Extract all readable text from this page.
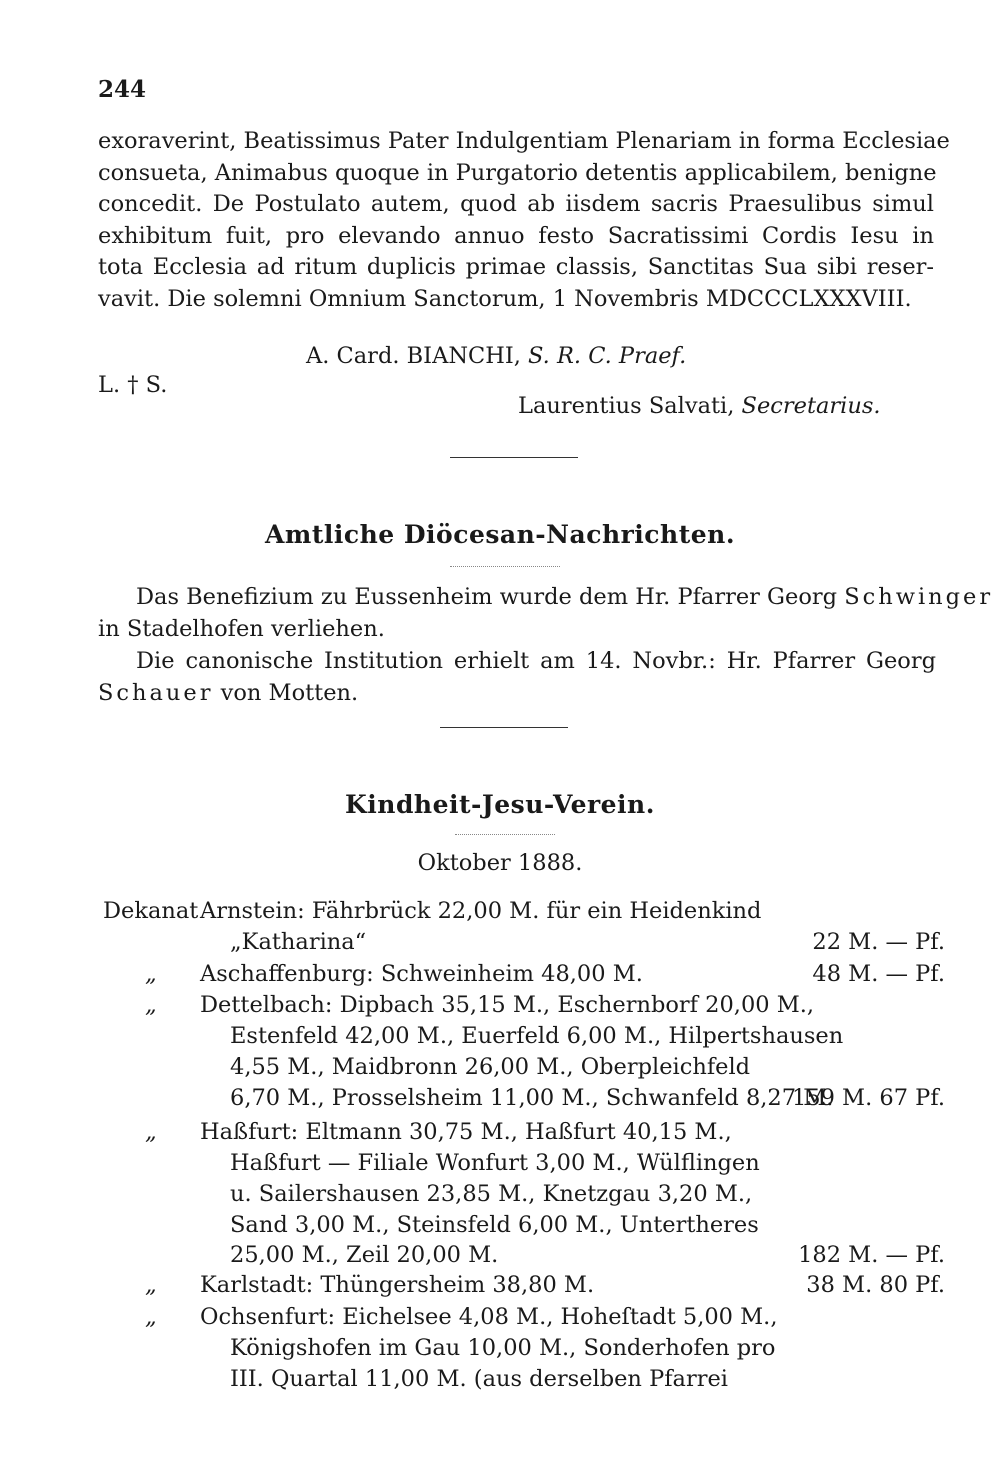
244
exoraverint, Beatissimus Pater Indulgentiam Plenariam in forma Ecclesiae
consueta, Animabus quoque in Purgatorio detentis applicabilem, benigne
concedit. De Postulato autem, quod ab iisdem sacris Praesulibus simul
exhibitum fuit, pro elevando annuo festo Sacratissimi Cordis Iesu in
tota Ecclesia ad ritum duplicis primae classis, Sanctitas Sua sibi reser-
vavit. Die solemni Omnium Sanctorum, 1 Novembris MDCCCLXXXVIII.
A. Card. BIANCHI, S. R. C. Praef.
L. † S.
Laurentius Salvati, Secretarius.
Amtliche Diöcesan-Nachrichten.
Das Benefizium zu Eussenheim wurde dem Hr. Pfarrer Georg Schwinger
in Stadelhofen verliehen.
Die canonische Institution erhielt am 14. Novbr.: Hr. Pfarrer Georg
Schauer von Motten.
Kindheit-Jesu-Verein.
Oktober 1888.
Dekanat Arnstein: Fährbrück 22,00 M. für ein Heidenkind
„Katharina“	22 M. — Pf.
„ Aschaffenburg: Schweinheim 48,00 M.	48 M. — Pf.
„ Dettelbach: Dipbach 35,15 M., Eschernborf 20,00 M.,
Estenfeld 42,00 M., Euerfeld 6,00 M., Hilpertshausen
4,55 M., Maidbronn 26,00 M., Oberpleichfeld
6,70 M., Prosselsheim 11,00 M., Schwanfeld 8,27 M.
159 M. 67 Pf.
„ Haßfurt: Eltmann 30,75 M., Haßfurt 40,15 M.,
Haßfurt — Filiale Wonfurt 3,00 M., Wülflingen
u. Sailershausen 23,85 M., Knetzgau 3,20 M.,
Sand 3,00 M., Steinsfeld 6,00 M., Untertheres
25,00 M., Zeil 20,00 M.	182 M. — Pf.
„ Karlstadt: Thüngersheim 38,80 M.	38 M. 80 Pf.
„ Ochsenfurt: Eichelsee 4,08 M., Hoheſtadt 5,00 M.,
Königshofen im Gau 10,00 M., Sonderhofen pro
III. Quartal 11,00 M. (aus derselben Pfarrei
